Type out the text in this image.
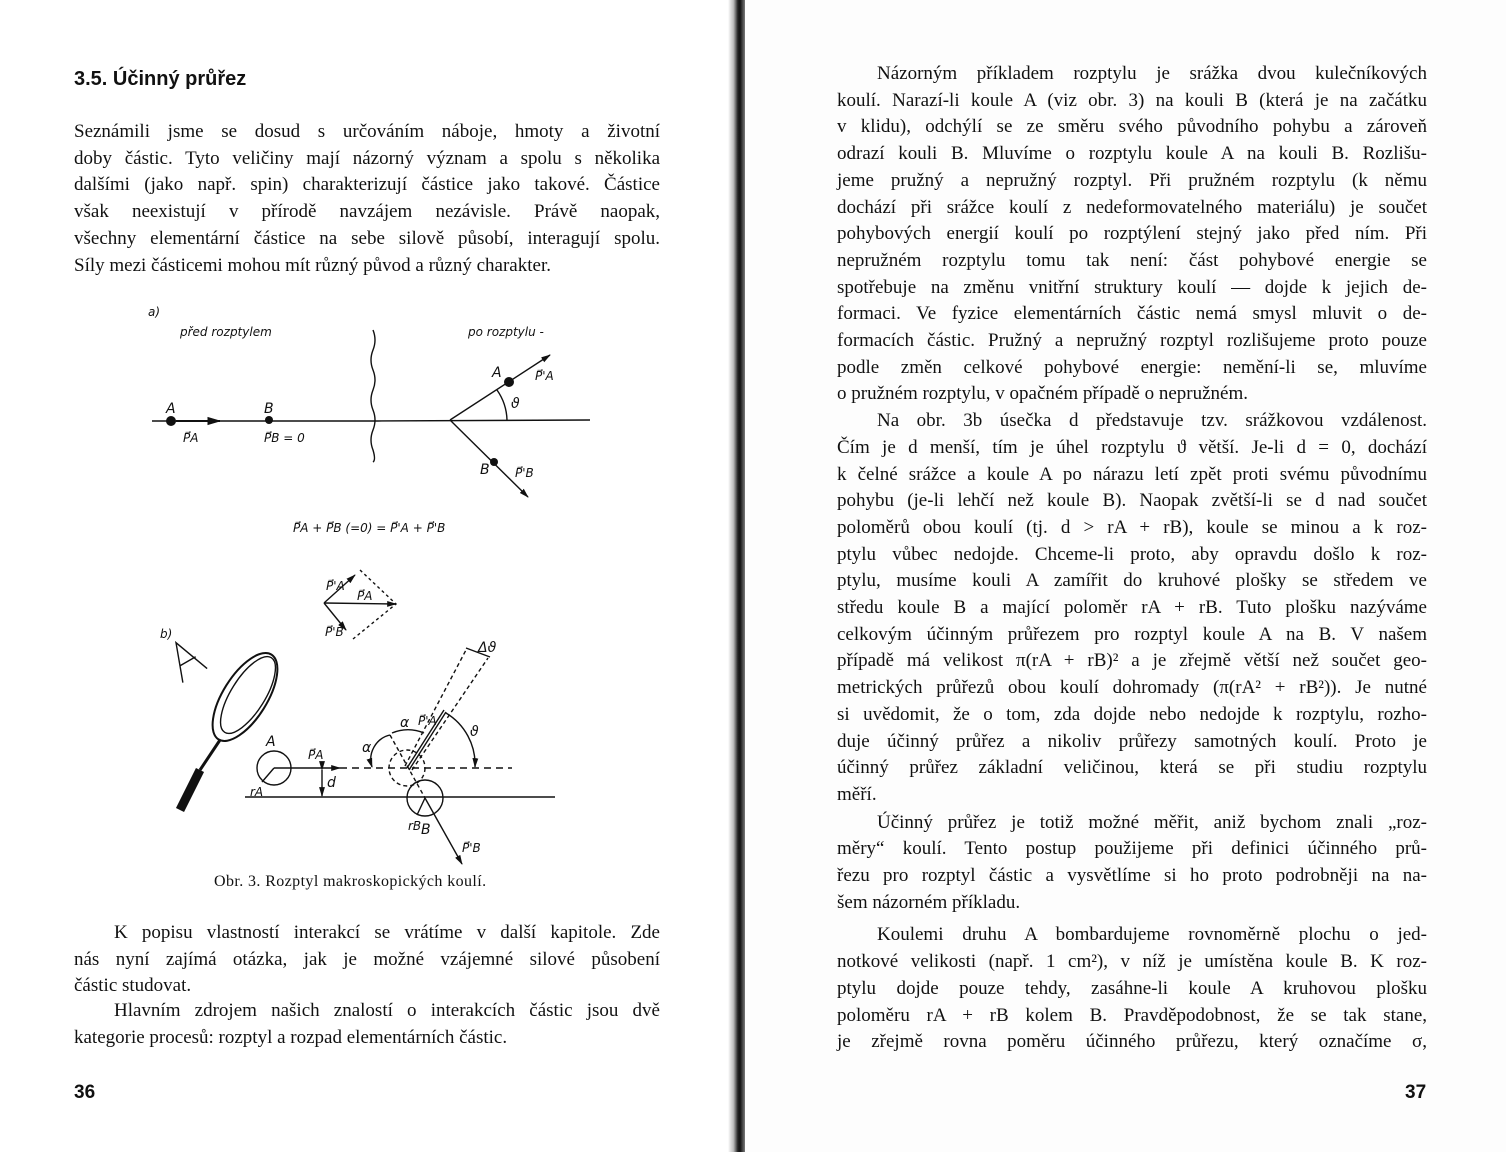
3.5. Účinný průřez
Seznámili jsme se dosud s určováním náboje, hmoty a životní
doby částic. Tyto veličiny mají názorný význam a spolu s několika
dalšími (jako např. spin) charakterizují částice jako takové. Částice
však neexistují v přírodě navzájem nezávisle. Právě naopak,
všechny elementární částice na sebe silově působí, interagují spolu.
Síly mezi částicemi mohou mít různý původ a různý charakter.
Obr. 3. Rozptyl makroskopických koulí.
K popisu vlastností interakcí se vrátíme v další kapitole. Zde
nás nyní zajímá otázka, jak je možné vzájemné silové působení
částic studovat.
Hlavním zdrojem našich znalostí o interakcích částic jsou dvě
kategorie procesů: rozptyl a rozpad elementárních částic.
36
Názorným příkladem rozptylu je srážka dvou kulečníkových
koulí. Narazí-li koule A (viz obr. 3) na kouli B (která je na začátku
v klidu), odchýlí se ze směru svého původního pohybu a zároveň
odrazí kouli B. Mluvíme o rozptylu koule A na kouli B. Rozlišu-
jeme pružný a nepružný rozptyl. Při pružném rozptylu (k němu
dochází při srážce koulí z nedeformovatelného materiálu) je součet
pohybových energií koulí po rozptýlení stejný jako před ním. Při
nepružném rozptylu tomu tak není: část pohybové energie se
spotřebuje na změnu vnitřní struktury koulí — dojde k jejich de-
formaci. Ve fyzice elementárních částic nemá smysl mluvit o de-
formacích částic. Pružný a nepružný rozptyl rozlišujeme proto pouze
podle změn celkové pohybové energie: nemění-li se, mluvíme
o pružném rozptylu, v opačném případě o nepružném.
Na obr. 3b úsečka d představuje tzv. srážkovou vzdálenost.
Čím je d menší, tím je úhel rozptylu ϑ větší. Je-li d = 0, dochází
k čelné srážce a koule A po nárazu letí zpět proti svému původnímu
pohybu (je-li lehčí než koule B). Naopak zvětší-li se d nad součet
poloměrů obou koulí (tj. d > rA + rB), koule se minou a k roz-
ptylu vůbec nedojde. Chceme-li proto, aby opravdu došlo k roz-
ptylu, musíme kouli A zamířit do kruhové plošky se středem ve
středu koule B a mající poloměr rA + rB. Tuto plošku nazýváme
celkovým účinným průřezem pro rozptyl koule A na B. V našem
případě má velikost π(rA + rB)² a je zřejmě větší než součet geo-
metrických průřezů obou koulí dohromady (π(rA² + rB²)). Je nutné
si uvědomit, že o tom, zda dojde nebo nedojde k rozptylu, rozho-
duje účinný průřez a nikoliv průřezy samotných koulí. Proto je
účinný průřez základní veličinou, která se při studiu rozptylu
měří.
Účinný průřez je totiž možné měřit, aniž bychom znali „roz-
měry“ koulí. Tento postup použijeme při definici účinného prů-
řezu pro rozptyl částic a vysvětlíme si ho proto podrobněji na na-
šem názorném příkladu.
Koulemi druhu A bombardujeme rovnoměrně plochu o jed-
notkové velikosti (např. 1 cm²), v níž je umístěna koule B. K roz-
ptylu dojde pouze tehdy, zasáhne-li koule A kruhovou plošku
poloměru rA + rB kolem B. Pravděpodobnost, že se tak stane,
je zřejmě rovna poměru účinného průřezu, který označíme σ,
37
a)
před rozptylem	po rozptylu -
A
P⃗A
B
P⃗B = 0
A	P⃗'A
ϑ
B P⃗'B
P⃗A + P⃗B (=0) = P⃗'A + P⃗'B
P⃗'A
P⃗A
P⃗'B
b)
Δϑ
P⃗'A
α
α
ϑ
A
P⃗A
d
rA
rB B
P⃗'B
